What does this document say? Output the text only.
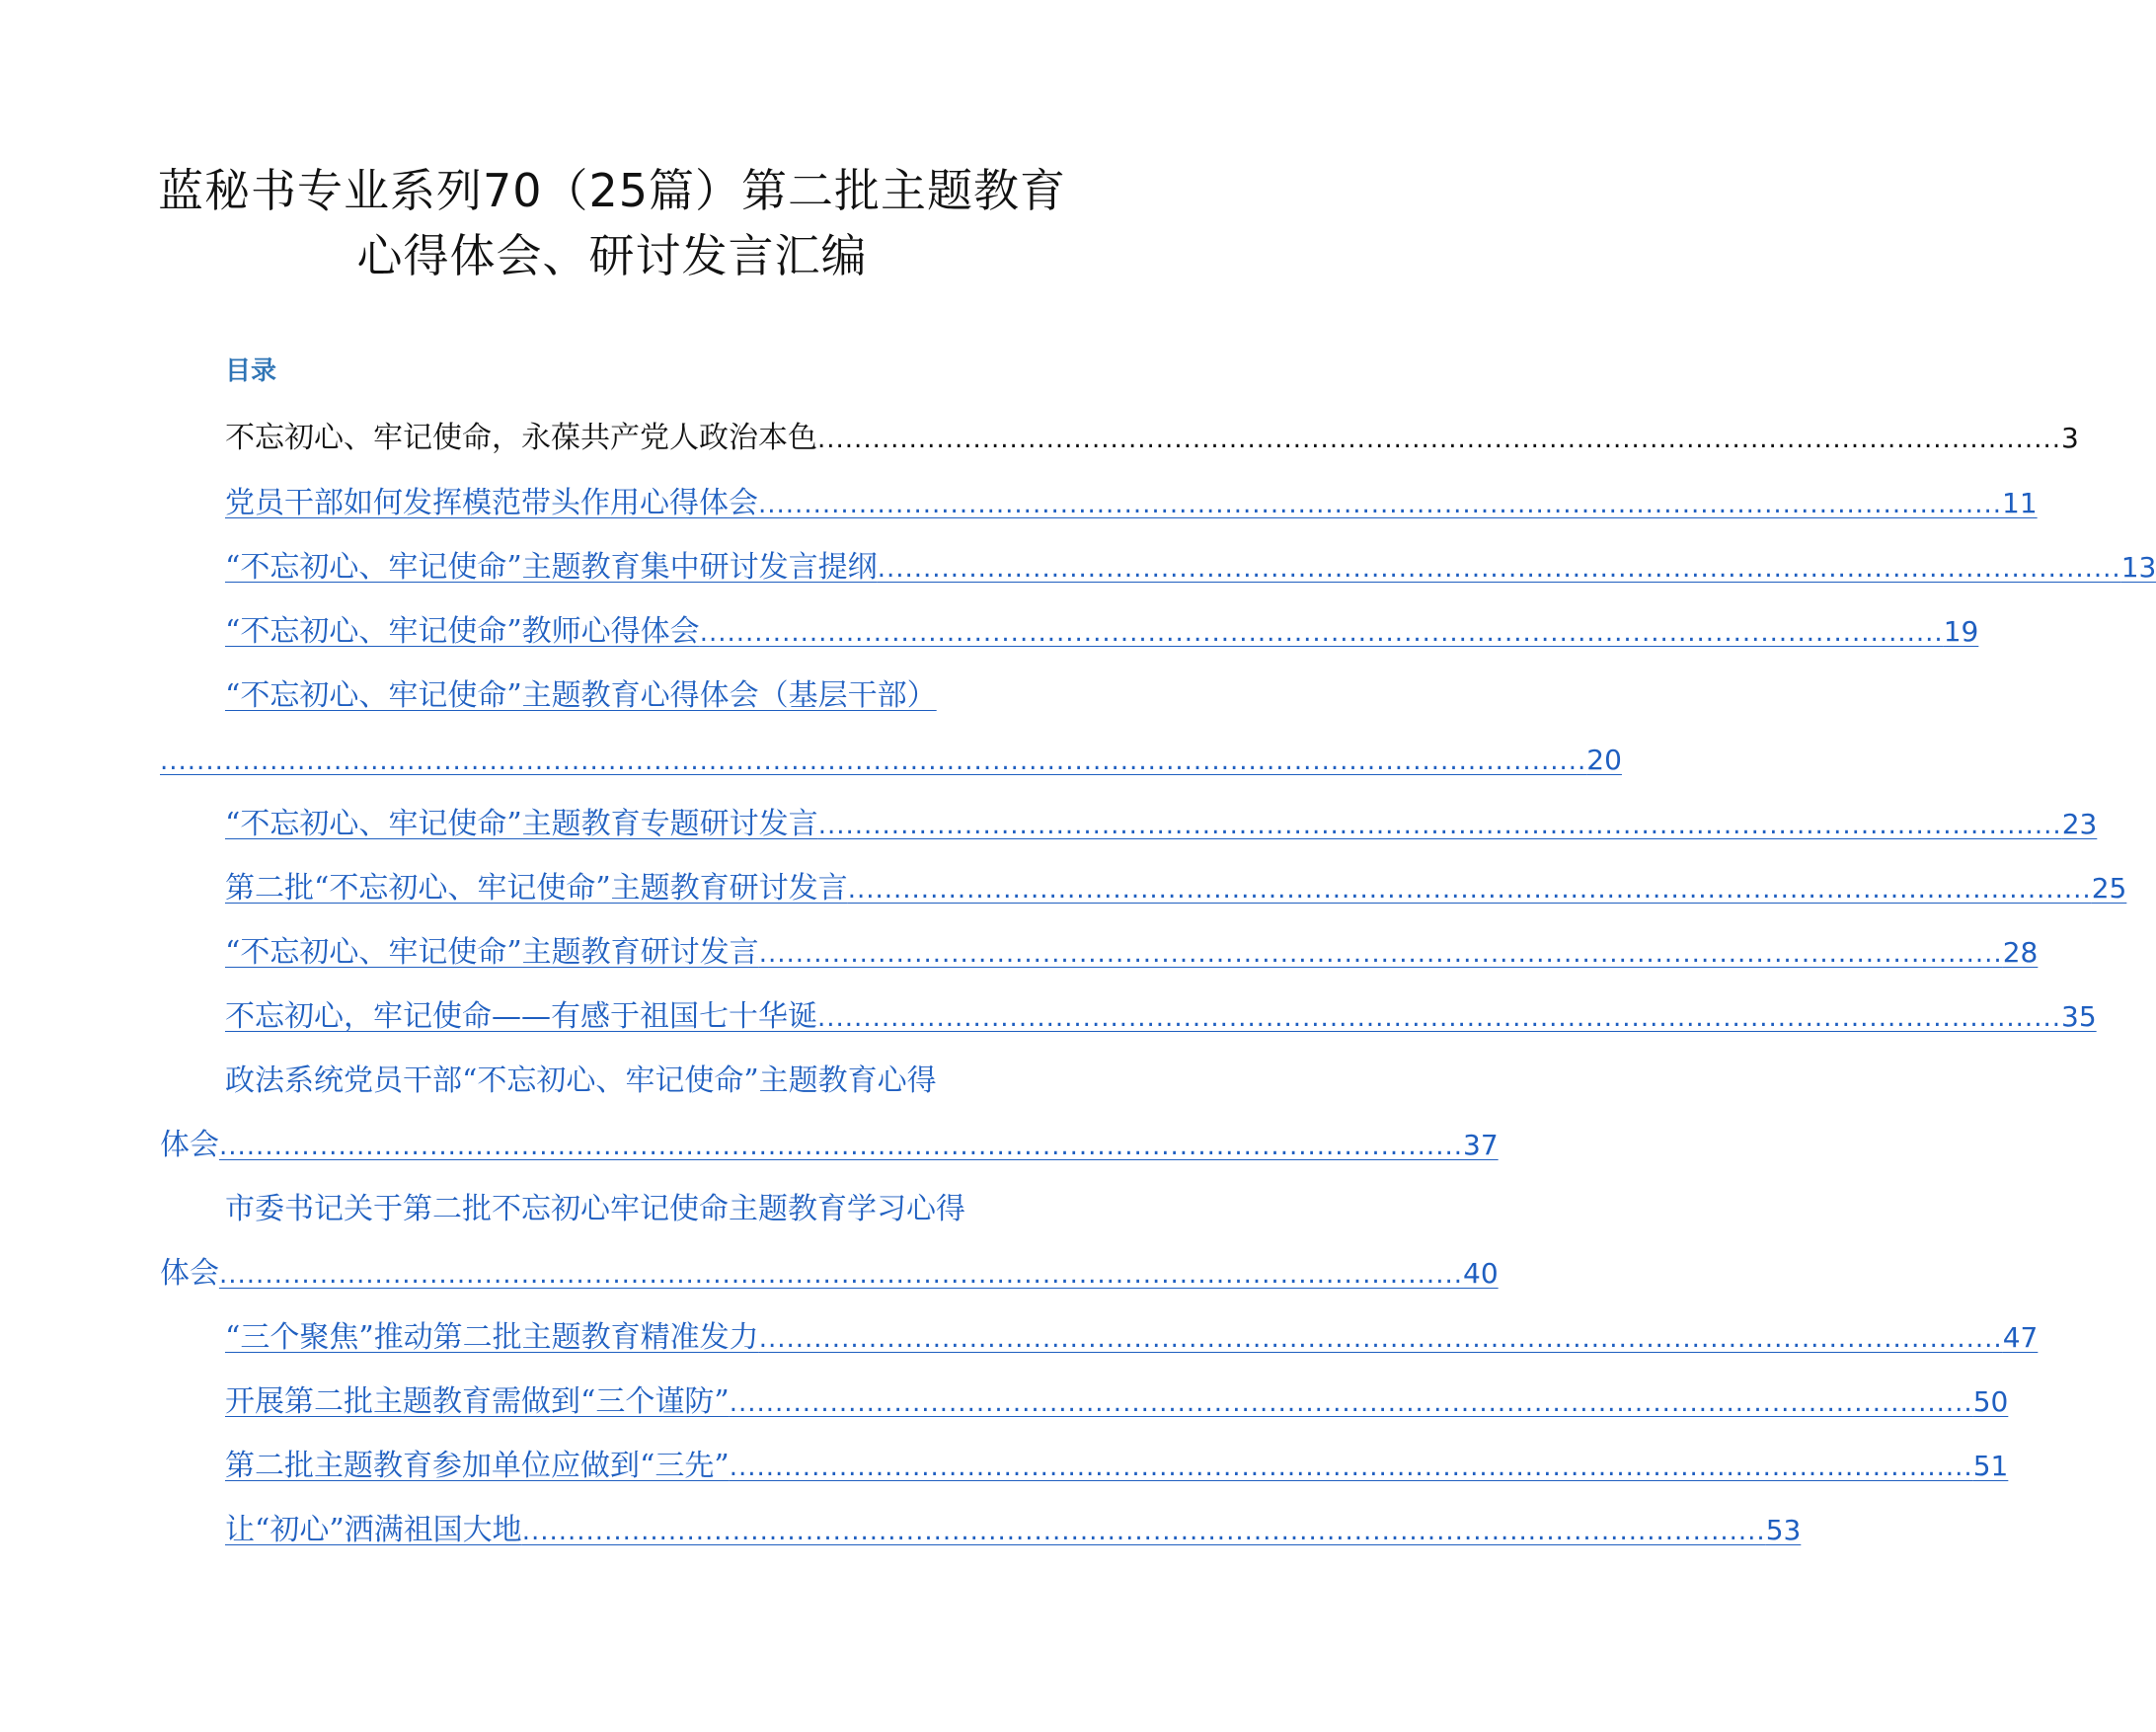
蓝秘书专业系列70（25篇）第二批主题教育
心得体会、研讨发言汇编
目录
不忘初心、牢记使命，永葆共产党人政治本色 ........................................................................................................................................ 3
党员干部如何发挥模范带头作用心得体会 ........................................................................................................................................ 11
“不忘初心、牢记使命”主题教育集中研讨发言提纲 ........................................................................................................................................ 13
“不忘初心、牢记使命”教师心得体会 ........................................................................................................................................ 19
“不忘初心、牢记使命”主题教育心得体会（基层干部）
............................................................................................................................................................ 20
“不忘初心、牢记使命”主题教育专题研讨发言 ........................................................................................................................................ 23
第二批“不忘初心、牢记使命”主题教育研讨发言 ........................................................................................................................................ 25
“不忘初心、牢记使命”主题教育研讨发言 ........................................................................................................................................ 28
不忘初心，牢记使命——有感于祖国七十华诞 ........................................................................................................................................ 35
政法系统党员干部“不忘初心、牢记使命”主题教育心得
体会 ........................................................................................................................................ 37
市委书记关于第二批不忘初心牢记使命主题教育学习心得
体会 ........................................................................................................................................ 40
“三个聚焦”推动第二批主题教育精准发力 ........................................................................................................................................ 47
开展第二批主题教育需做到“三个谨防” ........................................................................................................................................ 50
第二批主题教育参加单位应做到“三先” ........................................................................................................................................ 51
让“初心”洒满祖国大地 ........................................................................................................................................ 53
